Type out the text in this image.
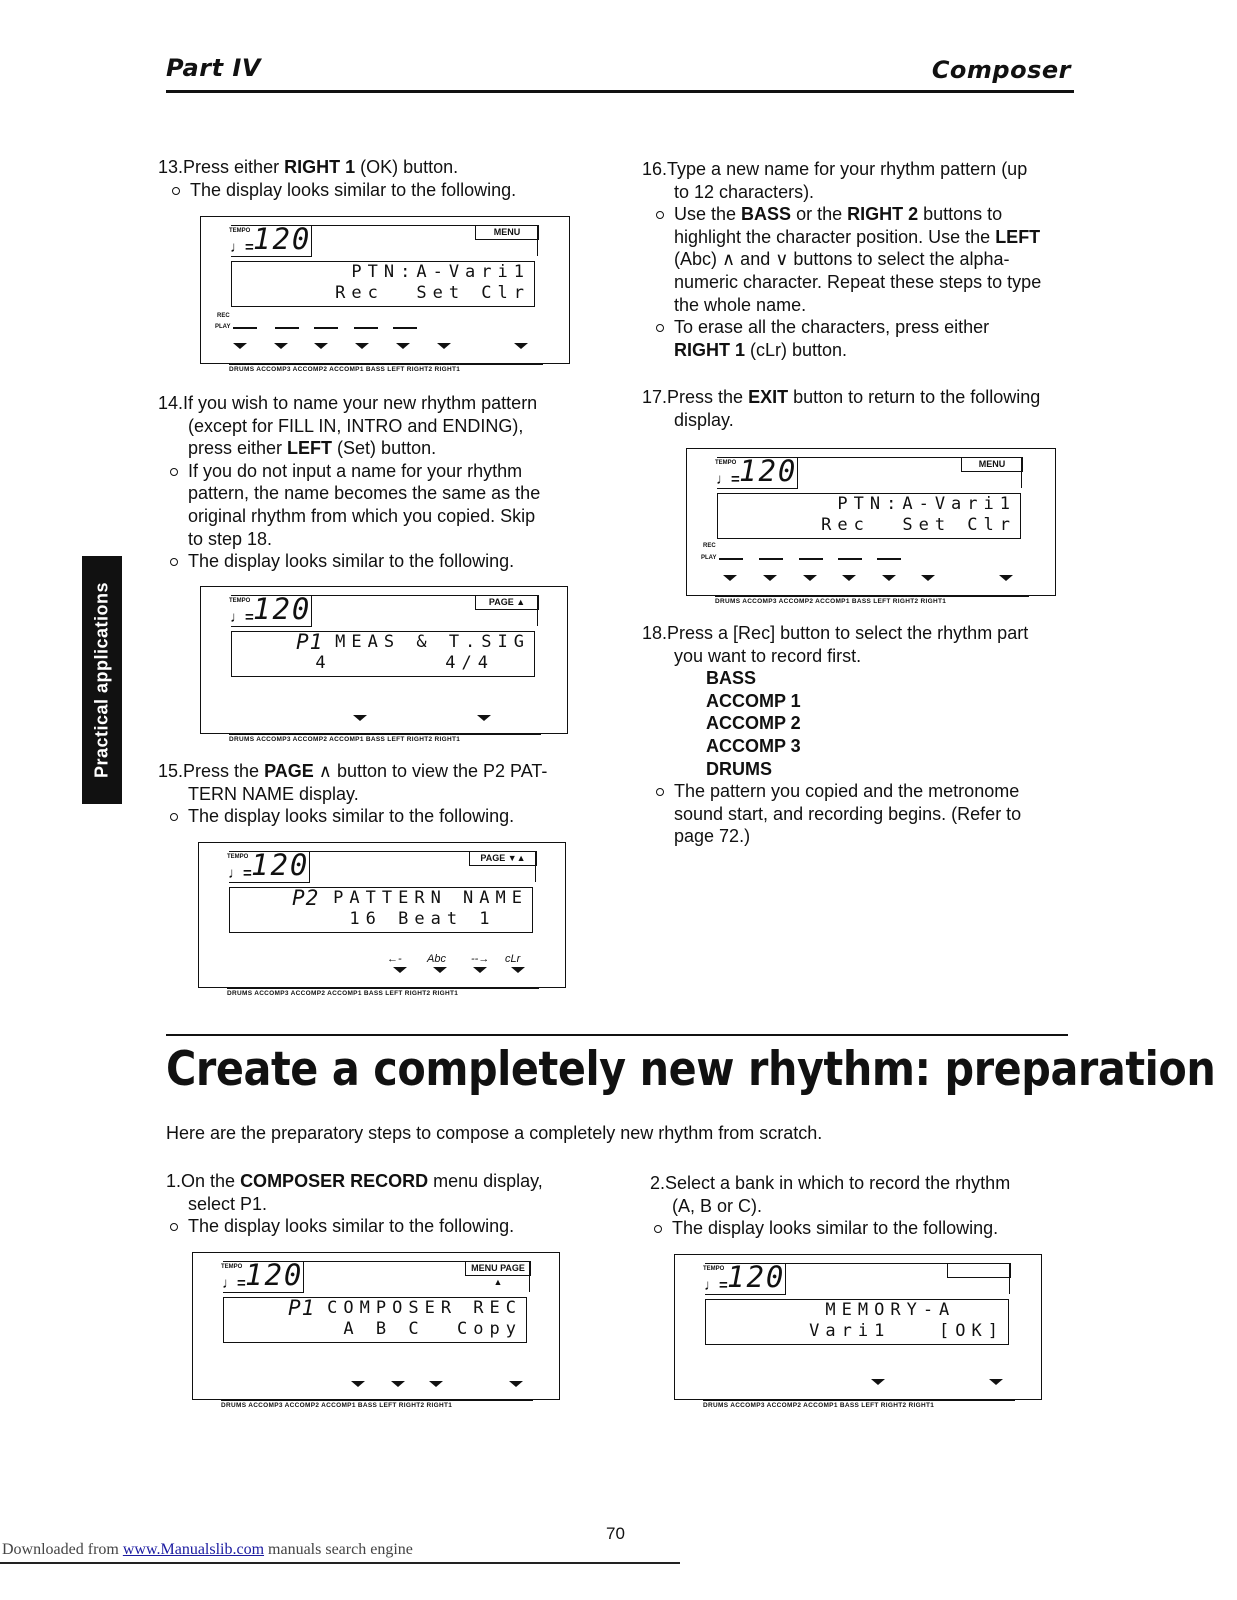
Part IV	Composer
Practical applications
13.Press either RIGHT 1 (OK) button.
The display looks similar to the following.
TEMPO
♩= 120	MENU
PTN:A-Vari1
Rec  Set Clr
REC
PLAY
DRUMS ACCOMP3 ACCOMP2 ACCOMP1 BASS LEFT RIGHT2 RIGHT1
14.If you wish to name your new rhythm pattern
(except for FILL IN, INTRO and ENDING),
press either LEFT (Set) button.
If you do not input a name for your rhythm
pattern, the name becomes the same as the
original rhythm from which you copied. Skip
to step 18.
The display looks similar to the following.
TEMPO
♩= 120	PAGE ▲
P1 MEAS & T.SIG
4       4/4
DRUMS ACCOMP3 ACCOMP2 ACCOMP1 BASS LEFT RIGHT2 RIGHT1
15.Press the PAGE ∧ button to view the P2 PAT-
TERN NAME display.
The display looks similar to the following.
TEMPO
♩= 120	PAGE ▼▲
P2 PATTERN NAME
16 Beat 1
←- Abc --→ cLr
DRUMS ACCOMP3 ACCOMP2 ACCOMP1 BASS LEFT RIGHT2 RIGHT1
16.Type a new name for your rhythm pattern (up
to 12 characters).
Use the BASS or the RIGHT 2 buttons to
highlight the character position. Use the LEFT
(Abc) ∧ and ∨ buttons to select the alpha-
numeric character. Repeat these steps to type
the whole name.
To erase all the characters, press either
RIGHT 1 (cLr) button.
17.Press the EXIT button to return to the following
display.
TEMPO
♩= 120	MENU
PTN:A-Vari1
Rec  Set Clr
REC
PLAY
DRUMS ACCOMP3 ACCOMP2 ACCOMP1 BASS LEFT RIGHT2 RIGHT1
18.Press a [Rec] button to select the rhythm part
you want to record first.
BASS
ACCOMP 1
ACCOMP 2
ACCOMP 3
DRUMS
The pattern you copied and the metronome
sound start, and recording begins. (Refer to
page 72.)
Create a completely new rhythm: preparation
Here are the preparatory steps to compose a completely new rhythm from scratch.
1.On the COMPOSER RECORD menu display,
select P1.
The display looks similar to the following.
TEMPO
♩= 120	MENU PAGE ▲
P1 COMPOSER REC
A B C  Copy
DRUMS ACCOMP3 ACCOMP2 ACCOMP1 BASS LEFT RIGHT2 RIGHT1
2.Select a bank in which to record the rhythm
(A, B or C).
The display looks similar to the following.
TEMPO
♩= 120
MEMORY-A
Vari1   [OK]
DRUMS ACCOMP3 ACCOMP2 ACCOMP1 BASS LEFT RIGHT2 RIGHT1
70
Downloaded from www.Manualslib.com manuals search engine
